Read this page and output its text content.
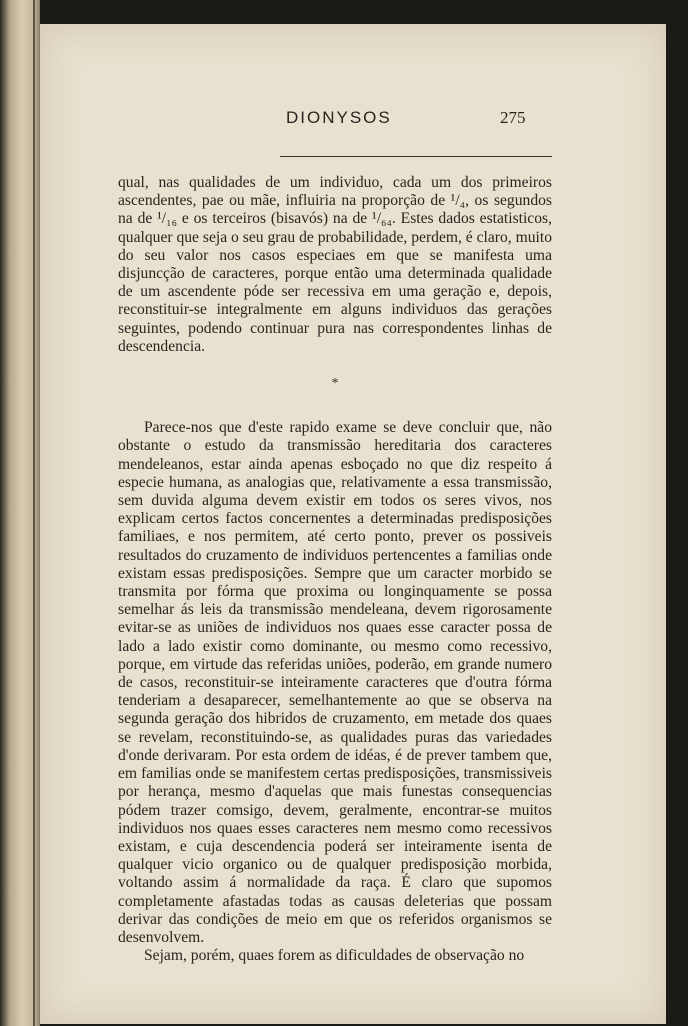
DIONYSOS	275

qual, nas qualidades de um individuo, cada um dos primeiros ascendentes, pae ou mãe, influiria na proporção de ¹/₄, os segundos na de ¹/₁₆ e os terceiros (bisavós) na de ¹/₆₄. Estes dados estatisticos, qualquer que seja o seu grau de probabilidade, perdem, é claro, muito do seu valor nos casos especiaes em que se manifesta uma disjuncção de caracteres, porque então uma determinada qualidade de um ascendente póde ser recessiva em uma geração e, depois, reconstituir-se integralmente em alguns individuos das gerações seguintes, podendo continuar pura nas correspondentes linhas de descendencia.

*

Parece-nos que d'este rapido exame se deve concluir que, não obstante o estudo da transmissão hereditaria dos caracteres mendeleanos, estar ainda apenas esboçado no que diz respeito á especie humana, as analogias que, relativamente a essa transmissão, sem duvida alguma devem existir em todos os seres vivos, nos explicam certos factos concernentes a determinadas predisposições familiaes, e nos permitem, até certo ponto, prever os possiveis resultados do cruzamento de individuos pertencentes a familias onde existam essas predisposições. Sempre que um caracter morbido se transmita por fórma que proxima ou longinquamente se possa semelhar ás leis da transmissão mendeleana, devem rigorosamente evitar-se as uniões de individuos nos quaes esse caracter possa de lado a lado existir como dominante, ou mesmo como recessivo, porque, em virtude das referidas uniões, poderão, em grande numero de casos, reconstituir-se inteiramente caracteres que d'outra fórma tenderiam a desaparecer, semelhantemente ao que se observa na segunda geração dos hibridos de cruzamento, em metade dos quaes se revelam, reconstituindo-se, as qualidades puras das variedades d'onde derivaram. Por esta ordem de idéas, é de prever tambem que, em familias onde se manifestem certas predisposições, transmissiveis por herança, mesmo d'aquelas que mais funestas consequencias pódem trazer comsigo, devem, geralmente, encontrar-se muitos individuos nos quaes esses caracteres nem mesmo como recessivos existam, e cuja descendencia poderá ser inteiramente isenta de qualquer vicio organico ou de qualquer predisposição morbida, voltando assim á normalidade da raça. É claro que supomos completamente afastadas todas as causas deleterias que possam derivar das condições de meio em que os referidos organismos se desenvolvem.

Sejam, porém, quaes forem as dificuldades de observação no
